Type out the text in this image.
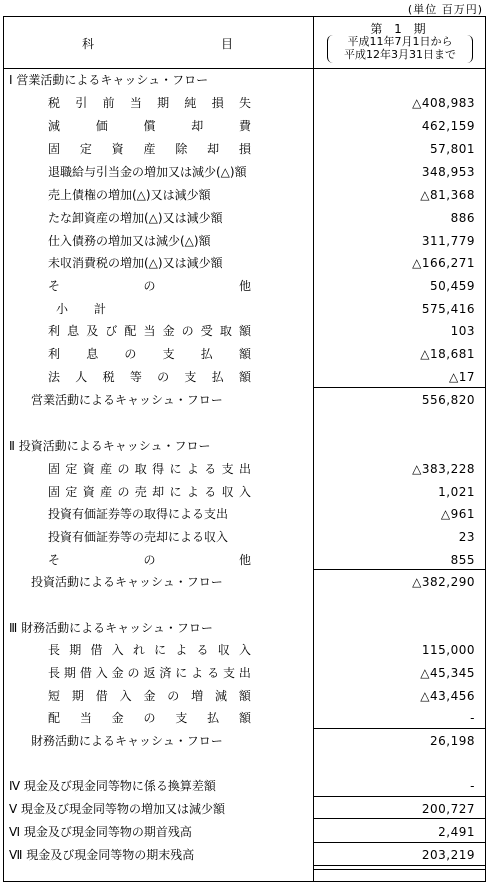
(単位 百万円)
科	目
第 1 期
平成11年7月1日から
平成12年3月31日まで
Ⅰ 営業活動によるキャッシュ・フロー
税 引 前 当 期 純 損 失	△408,983
減	価	償	却	費	462,159
固 定 資 産 除 却 損	57,801
退職給与引当金の増加又は減少(△)額	348,953
売上債権の増加(△)又は減少額	△81,368
たな卸資産の増加(△)又は減少額	886
仕入債務の増加又は減少(△)額	311,779
未収消費税の増加(△)又は減少額	△166,271
そ	の	他	50,459
小 計	575,416
利 息 及 び 配 当 金 の 受 取 額	103
利 息 の 支 払 額	△18,681
法 人 税 等 の 支 払 額	△17
営業活動によるキャッシュ・フロー	556,820
Ⅱ 投資活動によるキャッシュ・フロー
固 定 資 産 の 取 得 に よ る 支 出	△383,228
固 定 資 産 の 売 却 に よ る 収 入	1,021
投資有価証券等の取得による支出	△961
投資有価証券等の売却による収入	23
そ	の	他	855
投資活動によるキャッシュ・フロー	△382,290
Ⅲ 財務活動によるキャッシュ・フロー
長 期 借 入 れ に よ る 収 入	115,000
長 期 借 入 金 の 返 済 に よ る 支 出	△45,345
短 期 借 入 金 の 増 減 額	△43,456
配 当 金 の 支 払 額	-
財務活動によるキャッシュ・フロー	26,198
Ⅳ 現金及び現金同等物に係る換算差額	-
Ⅴ 現金及び現金同等物の増加又は減少額	200,727
Ⅵ 現金及び現金同等物の期首残高	2,491
Ⅶ 現金及び現金同等物の期末残高	203,219
